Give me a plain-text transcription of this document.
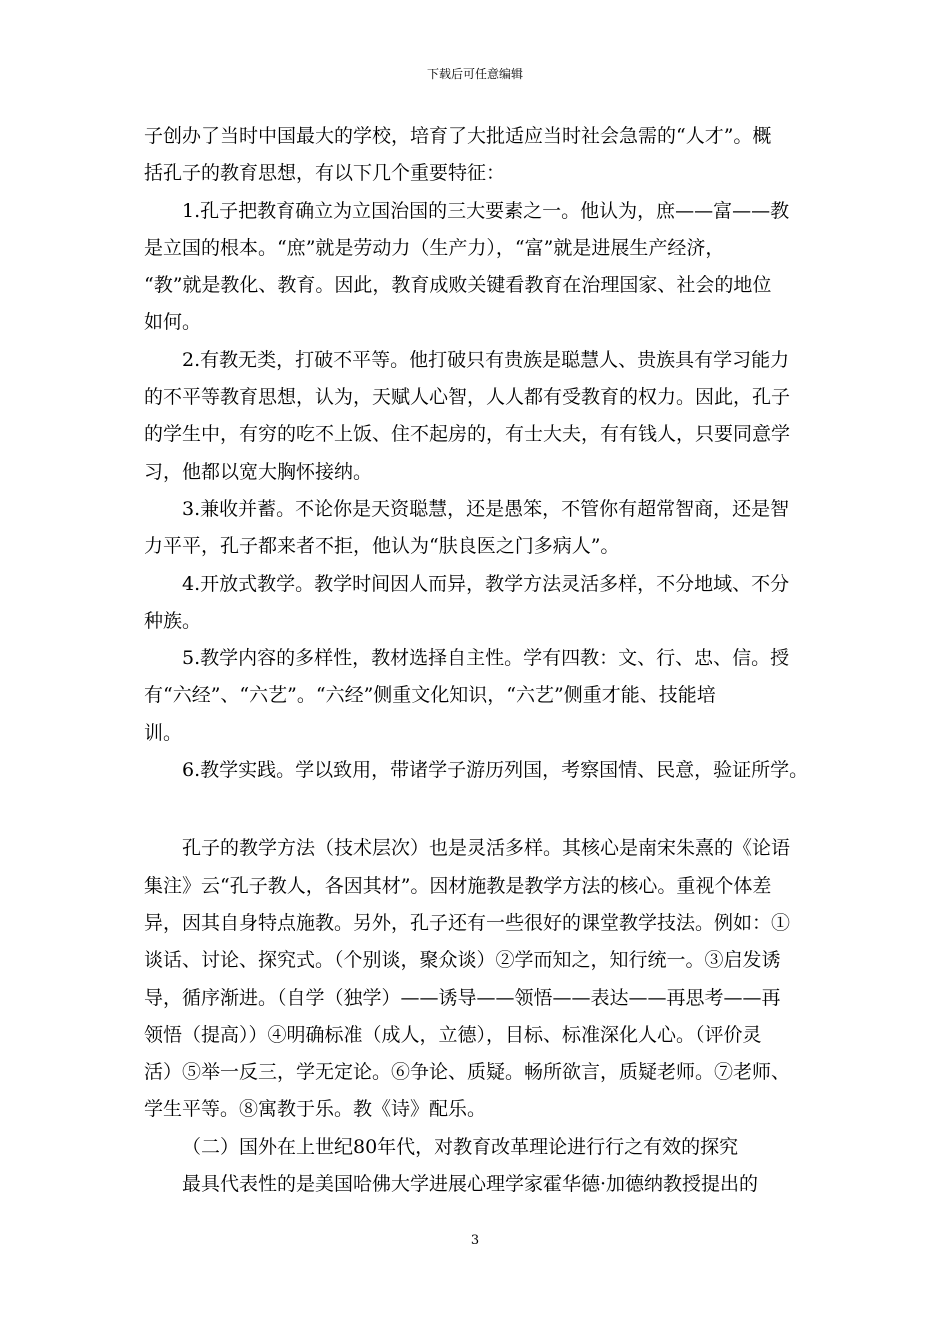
下载后可任意编辑
子创办了当时中国最大的学校，培育了大批适应当时社会急需的“人才”。概
括孔子的教育思想，有以下几个重要特征：
1.孔子把教育确立为立国治国的三大要素之一。他认为，庶——富——教
是立国的根本。“庶”就是劳动力（生产力），“富”就是进展生产经济，
“教”就是教化、教育。因此，教育成败关键看教育在治理国家、社会的地位
如何。
2.有教无类，打破不平等。他打破只有贵族是聪慧人、贵族具有学习能力
的不平等教育思想，认为，天赋人心智，人人都有受教育的权力。因此，孔子
的学生中，有穷的吃不上饭、住不起房的，有士大夫，有有钱人，只要同意学
习，他都以宽大胸怀接纳。
3.兼收并蓄。不论你是天资聪慧，还是愚笨，不管你有超常智商，还是智
力平平，孔子都来者不拒，他认为“肤良医之门多病人”。
4.开放式教学。教学时间因人而异，教学方法灵活多样，不分地域、不分
种族。
5.教学内容的多样性，教材选择自主性。学有四教：文、行、忠、信。授
有“六经”、“六艺”。“六经”侧重文化知识，“六艺”侧重才能、技能培
训。
6.教学实践。学以致用，带诸学子游历列国，考察国情、民意，验证所学。
孔子的教学方法（技术层次）也是灵活多样。其核心是南宋朱熹的《论语
集注》云“孔子教人，各因其材”。因材施教是教学方法的核心。重视个体差
异，因其自身特点施教。另外，孔子还有一些很好的课堂教学技法。例如：①
谈话、讨论、探究式。（个别谈，聚众谈）②学而知之，知行统一。③启发诱
导，循序渐进。（自学（独学）——诱导——领悟——表达——再思考——再
领悟（提高））④明确标准（成人，立德），目标、标准深化人心。（评价灵
活）⑤举一反三，学无定论。⑥争论、质疑。畅所欲言，质疑老师。⑦老师、
学生平等。⑧寓教于乐。教《诗》配乐。
（二）国外在上世纪80年代，对教育改革理论进行行之有效的探究
最具代表性的是美国哈佛大学进展心理学家霍华德·加德纳教授提出的
3
